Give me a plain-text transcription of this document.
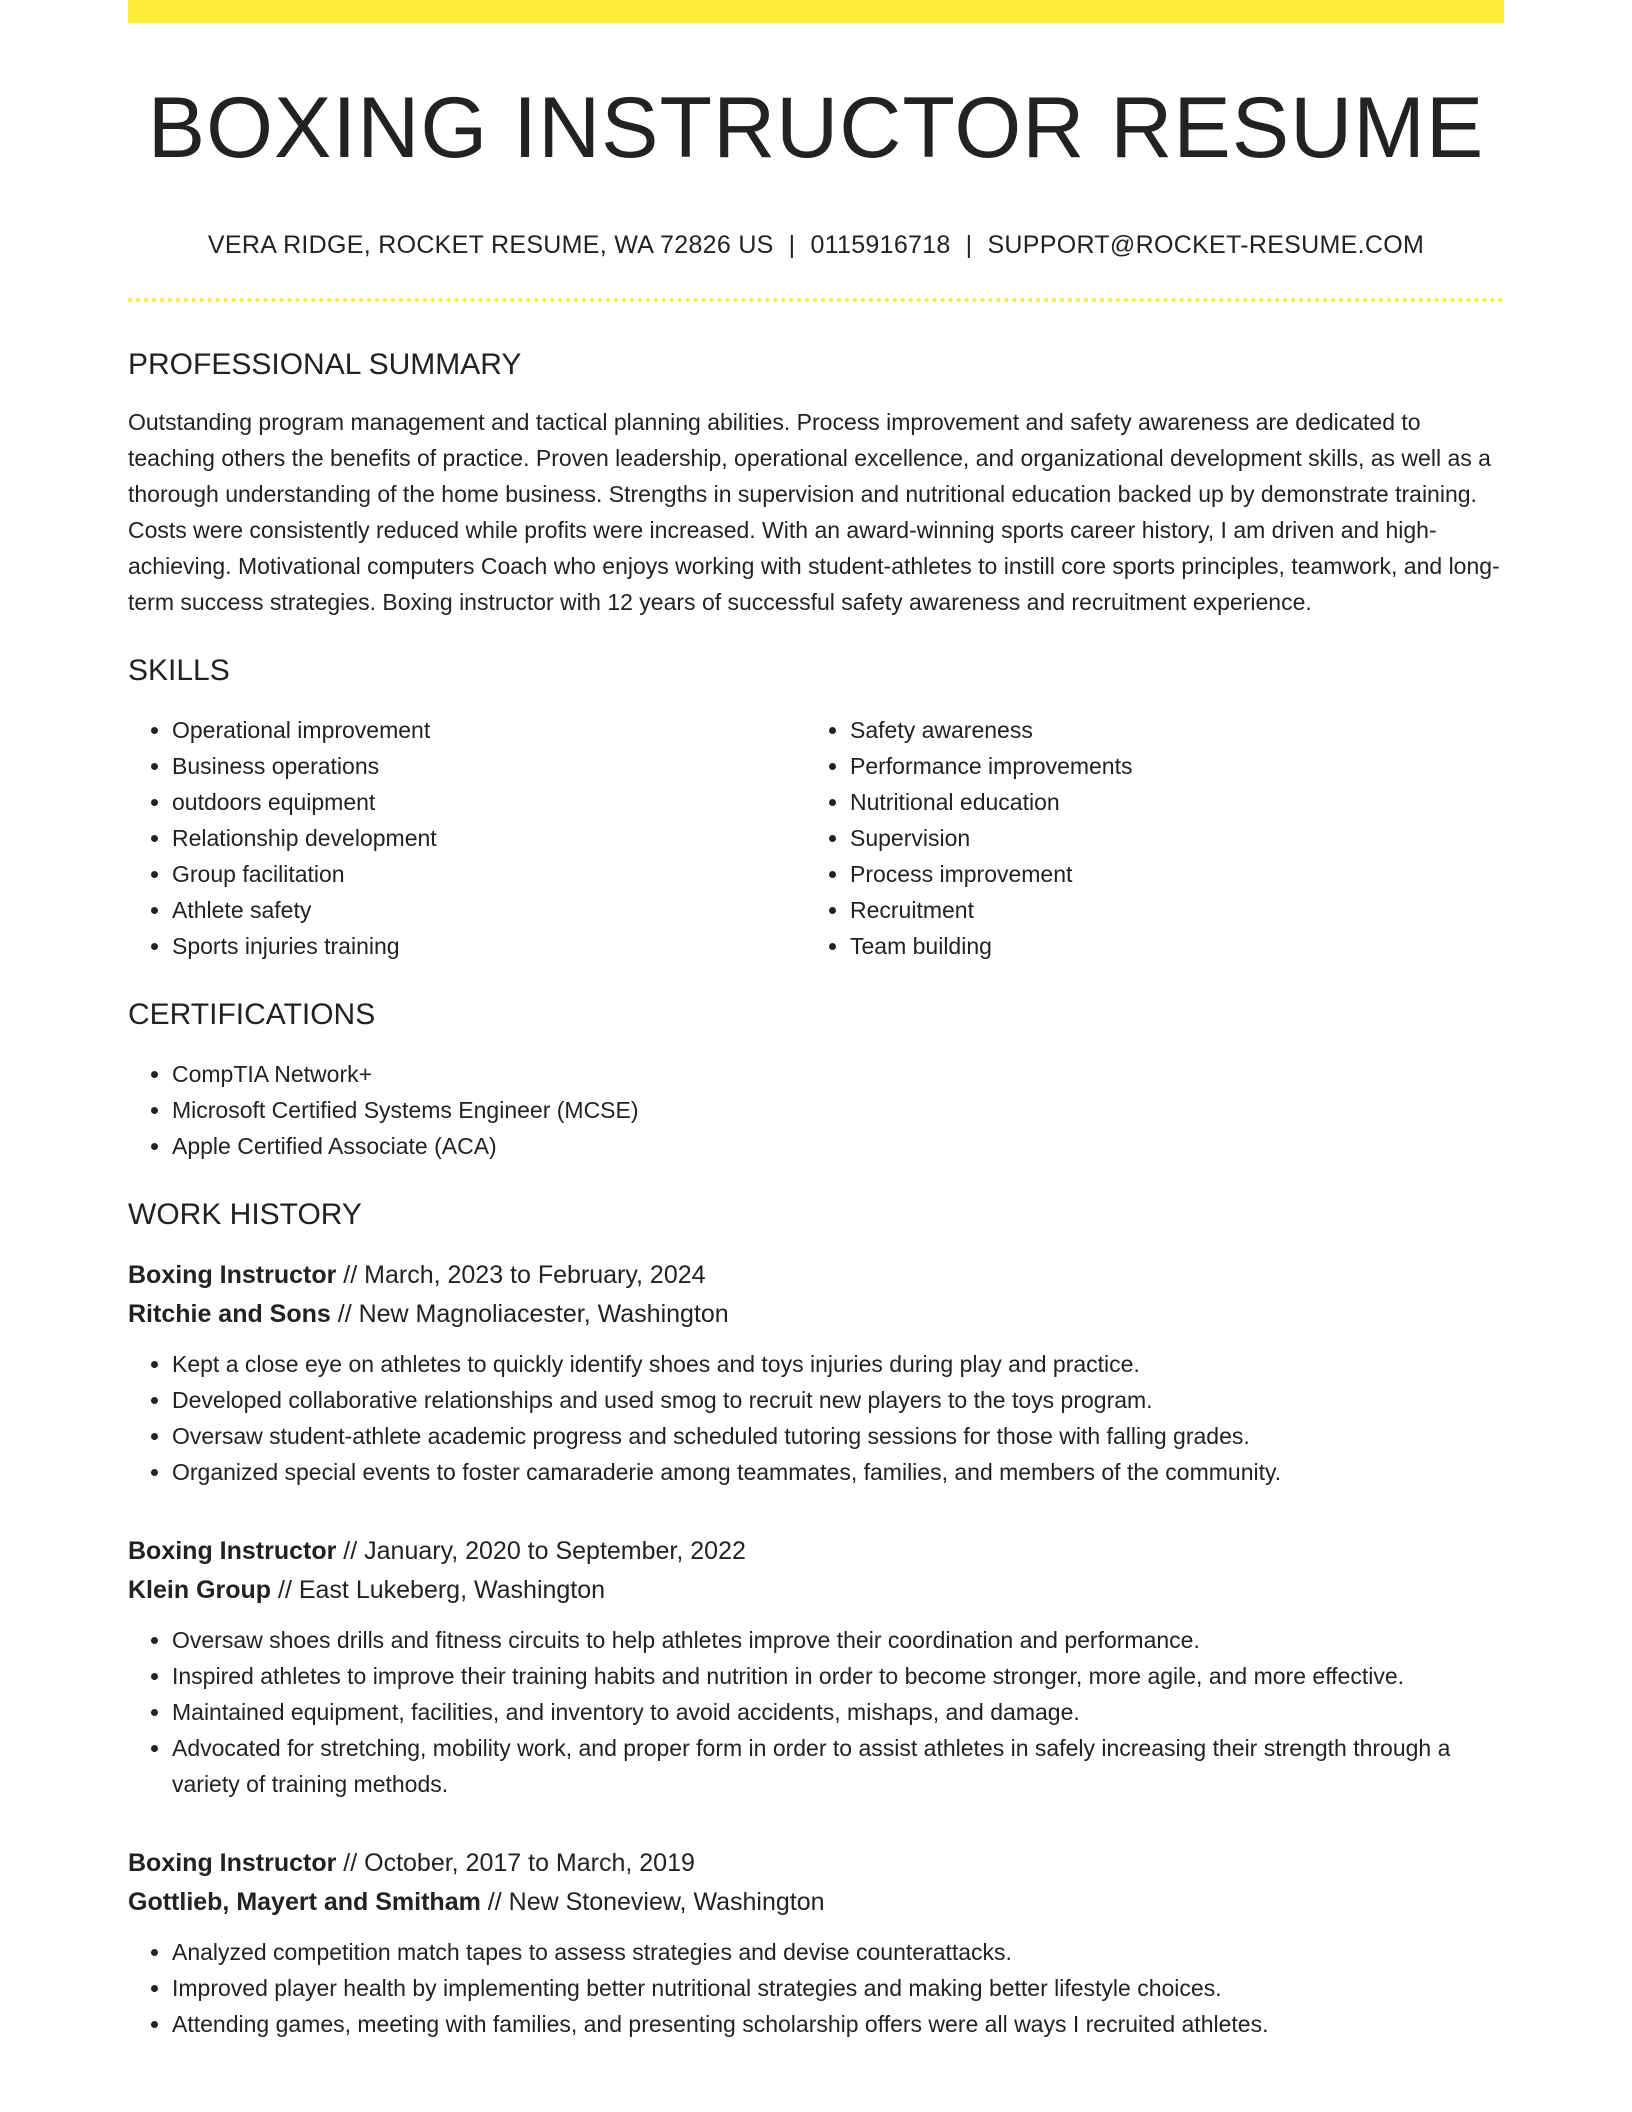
BOXING INSTRUCTOR RESUME
VERA RIDGE, ROCKET RESUME, WA 72826 US | 0115916718 | SUPPORT@ROCKET-RESUME.COM
PROFESSIONAL SUMMARY

Outstanding program management and tactical planning abilities. Process improvement and safety awareness are dedicated to teaching others the benefits of practice. Proven leadership, operational excellence, and organizational development skills, as well as a thorough understanding of the home business. Strengths in supervision and nutritional education backed up by demonstrate training. Costs were consistently reduced while profits were increased. With an award-winning sports career history, I am driven and high-achieving. Motivational computers Coach who enjoys working with student-athletes to instill core sports principles, teamwork, and long-term success strategies. Boxing instructor with 12 years of successful safety awareness and recruitment experience.

SKILLS
• Operational improvement
• Business operations
• outdoors equipment
• Relationship development
• Group facilitation
• Athlete safety
• Sports injuries training
• Safety awareness
• Performance improvements
• Nutritional education
• Supervision
• Process improvement
• Recruitment
• Team building
CERTIFICATIONS
• CompTIA Network+
• Microsoft Certified Systems Engineer (MCSE)
• Apple Certified Associate (ACA)
WORK HISTORY
Boxing Instructor // March, 2023 to February, 2024
Ritchie and Sons // New Magnoliacester, Washington
• Kept a close eye on athletes to quickly identify shoes and toys injuries during play and practice.
• Developed collaborative relationships and used smog to recruit new players to the toys program.
• Oversaw student-athlete academic progress and scheduled tutoring sessions for those with falling grades.
• Organized special events to foster camaraderie among teammates, families, and members of the community.
Boxing Instructor // January, 2020 to September, 2022
Klein Group // East Lukeberg, Washington
• Oversaw shoes drills and fitness circuits to help athletes improve their coordination and performance.
• Inspired athletes to improve their training habits and nutrition in order to become stronger, more agile, and more effective.
• Maintained equipment, facilities, and inventory to avoid accidents, mishaps, and damage.
• Advocated for stretching, mobility work, and proper form in order to assist athletes in safely increasing their strength through a variety of training methods.
Boxing Instructor // October, 2017 to March, 2019
Gottlieb, Mayert and Smitham // New Stoneview, Washington
• Analyzed competition match tapes to assess strategies and devise counterattacks.
• Improved player health by implementing better nutritional strategies and making better lifestyle choices.
• Attending games, meeting with families, and presenting scholarship offers were all ways I recruited athletes.
